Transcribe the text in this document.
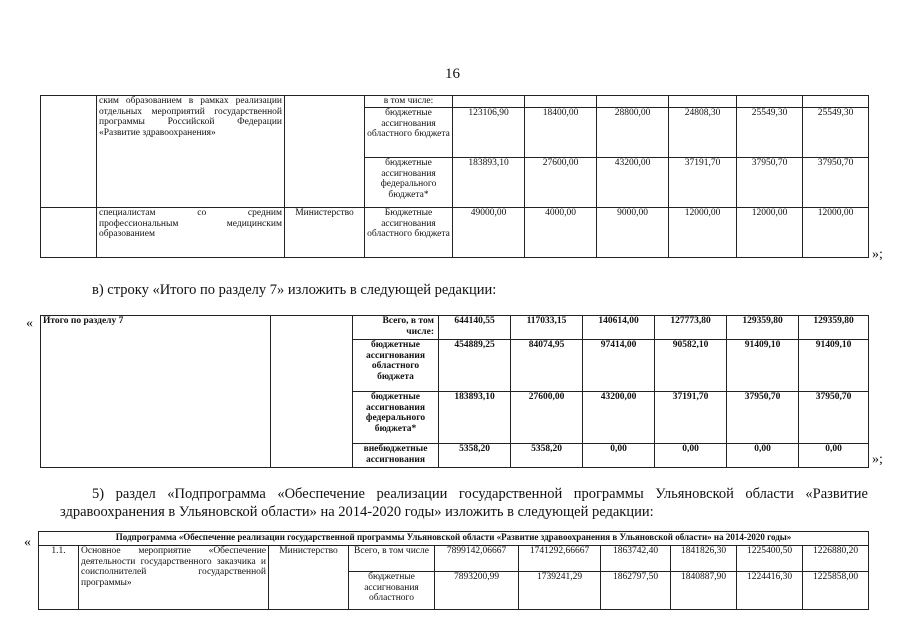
16
	ским образованием в рамках реализации отдельных мероприятий государственной программы Российской Федерации «Развитие здравоохранения»		в том числе:						
			бюджетные ассигнования областного бюджета	123106,90	18400,00	28800,00	24808,30	25549,30	25549,30
			бюджетные ассигнования федерального бюджета*	183893,10	27600,00	43200,00	37191,70	37950,70	37950,70
	специалистам со средним профессиональным медицинским образованием	Министерство	Бюджетные ассигнования областного бюджета	49000,00	4000,00	9000,00	12000,00	12000,00	12000,00
»;
в) строку «Итого по разделу 7» изложить в следующей редакции:
« Итого по разделу 7		Всего, в том числе:	644140,55	117033,15	140614,00	127773,80	129359,80	129359,80
		бюджетные ассигнования областного бюджета	454889,25	84074,95	97414,00	90582,10	91409,10	91409,10
		бюджетные ассигнования федерального бюджета*	183893,10	27600,00	43200,00	37191,70	37950,70	37950,70
		внебюджетные ассигнования	5358,20	5358,20	0,00	0,00	0,00	0,00
»;
5) раздел «Подпрограмма «Обеспечение реализации государственной программы Ульяновской области «Развитие здравоохранения в Ульяновской области» на 2014-2020 годы» изложить в следующей редакции:
«	Подпрограмма «Обеспечение реализации государственной программы Ульяновской области «Развитие здравоохранения в Ульяновской области» на 2014-2020 годы»									
1.1.	Основное мероприятие «Обеспечение деятельности государственного заказчика и соисполнителей государственной программы»	Министерство	Всего, в том числе	7899142,06667	1741292,66667	1863742,40	1841826,30	1225400,50	1226880,20
			бюджетные ассигнования областного	7893200,99	1739241,29	1862797,50	1840887,90	1224416,30	1225858,00
